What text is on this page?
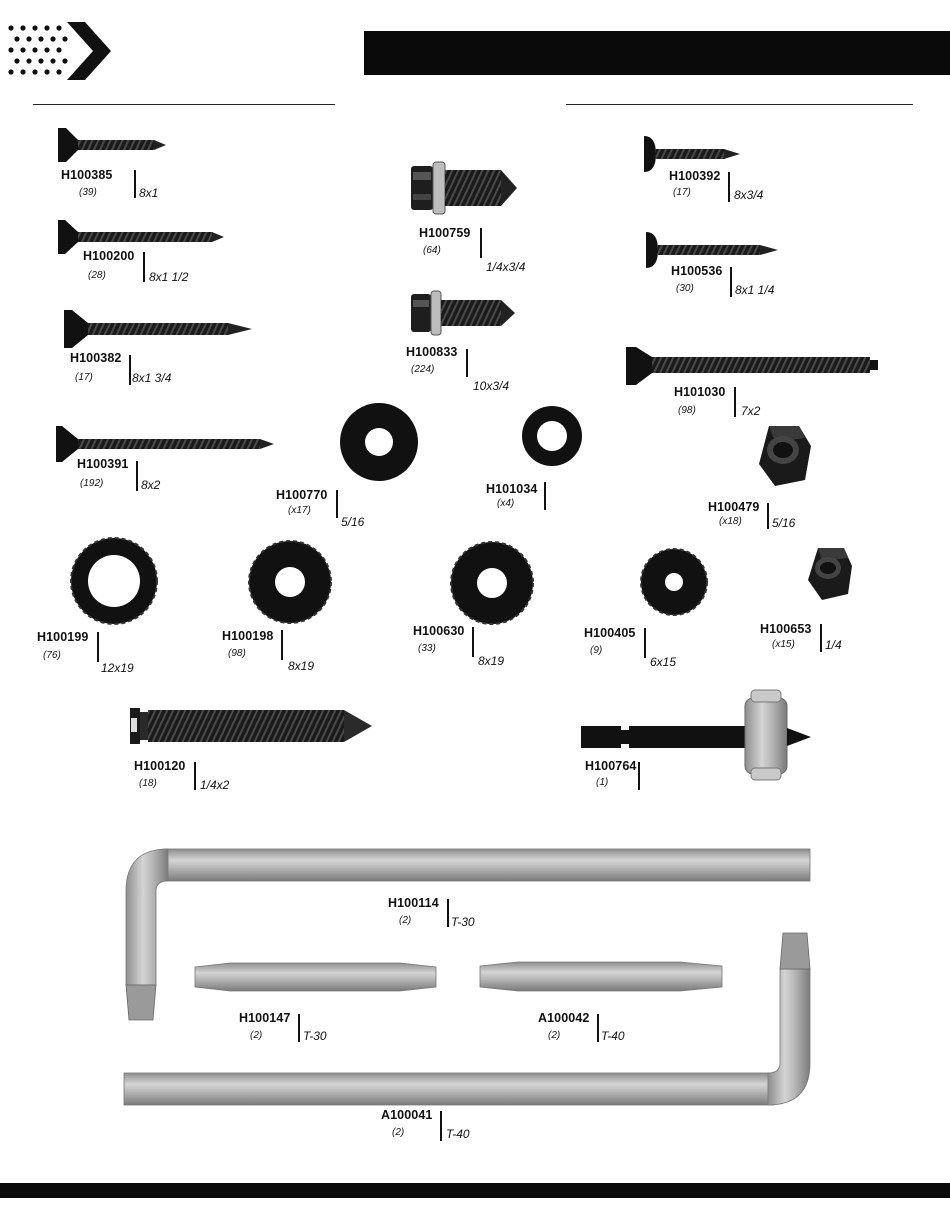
H100385
(39)	8x1
H100200
(28)	8x1 1/2
H100382
(17)	8x1 3/4
H100391
(192)	8x2
H100759
(64)
1/4x3/4
H100833
(224)
10x3/4
H100392
(17)	8x3/4
H100536
(30)	8x1 1/4
H101030
(98)	7x2
H100770
(x17)
5/16
H101034
(x4)	H100479
(x18)	5/16
H100199
(76)
12x19
H100198
(98)
8x19
H100630
(33)
8x19
H100405
(9)
6x15
H100653
(x15)	1/4
H100120
(18)	1/4x2
H100764
(1)
H100114
(2)	T-30
H100147
(2)	T-30
A100042
(2)	T-40
A100041
(2)	T-40
